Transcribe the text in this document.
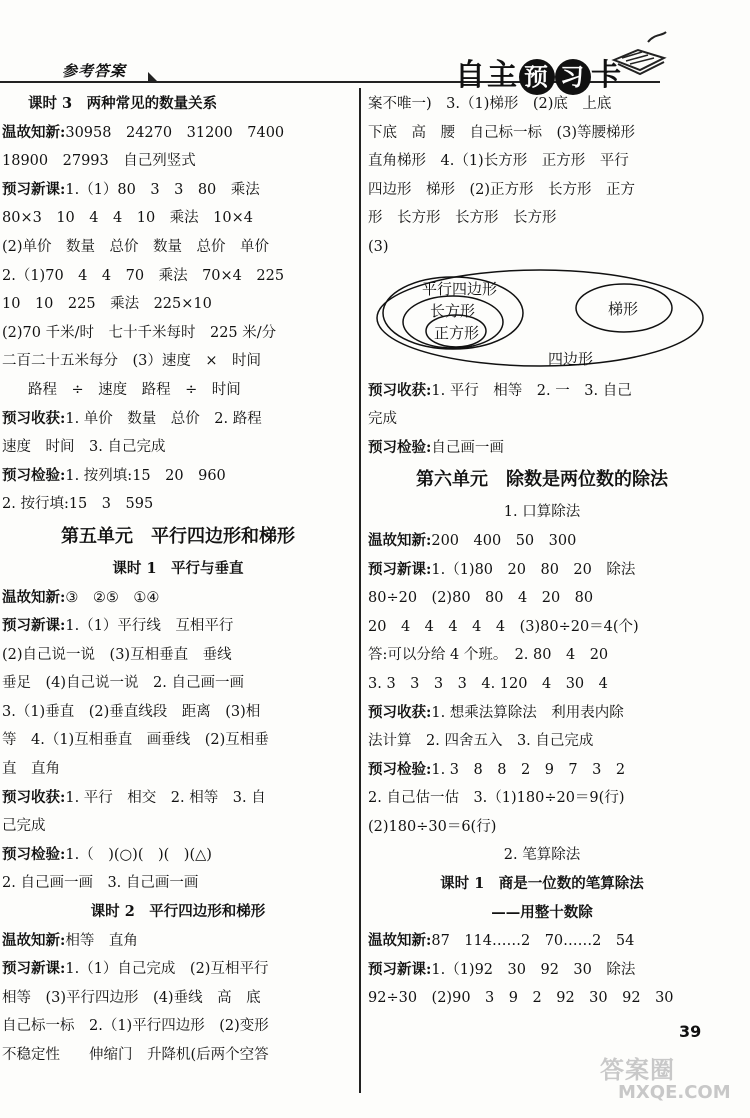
参考答案	自主 预 习 卡
课时 3　两种常见的数量关系
温故知新:30958　24270　31200　7400
18900　27993　自己列竖式
预习新课:1.（1）80　3　3　80　乘法
80×3　10　4　4　10　乘法　10×4
(2)单价　数量　总价　数量　总价　单价
2.（1)70　4　4　70　乘法　70×4　225
10　10　225　乘法　225×10
(2)70 千米/时　七十千米每时　225 米/分
二百二十五米每分　(3）速度　×　时间
路程　÷　速度　路程　÷　时间
预习收获:1. 单价　数量　总价　2. 路程
速度　时间　3. 自己完成
预习检验:1. 按列填:15　20　960
2. 按行填:15　3　595
第五单元　平行四边形和梯形
课时 1　平行与垂直
温故知新:③　②⑤　①④
预习新课:1.（1）平行线　互相平行
(2)自己说一说　(3)互相垂直　垂线
垂足　(4)自己说一说　2. 自己画一画
3.（1)垂直　(2)垂直线段　距离　(3)相
等　4.（1)互相垂直　画垂线　(2)互相垂
直　直角
预习收获:1. 平行　相交　2. 相等　3. 自
己完成
预习检验:1.（　)(○)(　)(　)(△)
2. 自己画一画　3. 自己画一画
课时 2　平行四边形和梯形
温故知新:相等　直角
预习新课:1.（1）自己完成　(2)互相平行
相等　(3)平行四边形　(4)垂线　高　底
自己标一标　2.（1)平行四边形　(2)变形
不稳定性　　伸缩门　升降机(后两个空答
案不唯一)　3.（1)梯形　(2)底　上底
下底　高　腰　自己标一标　(3)等腰梯形
直角梯形　4.（1)长方形　正方形　平行
四边形　梯形　(2)正方形　长方形　正方
形　长方形　长方形　长方形
(3)
平行四边形
长方形
正方形
梯形
四边形
预习收获:1. 平行　相等　2. 一　3. 自己
完成
预习检验:自己画一画
第六单元　除数是两位数的除法
1. 口算除法
温故知新:200　400　50　300
预习新课:1.（1)80　20　80　20　除法
80÷20　(2)80　80　4　20　80
20　4　4　4　4　4　(3)80÷20＝4(个)
答:可以分给 4 个班。　2. 80　4　20
3. 3　3　3　3　4. 120　4　30　4
预习收获:1. 想乘法算除法　利用表内除
法计算　2. 四舍五入　3. 自己完成
预习检验:1. 3　8　8　2　9　7　3　2
2. 自己估一估　3.（1)180÷20＝9(行)
(2)180÷30＝6(行)
2. 笔算除法
课时 1　商是一位数的笔算除法
——用整十数除
温故知新:87　114……2　70……2　54
预习新课:1.（1)92　30　92　30　除法
92÷30　(2)90　3　9　2　92　30　92　30
39
答案圈
MXQE.COM
